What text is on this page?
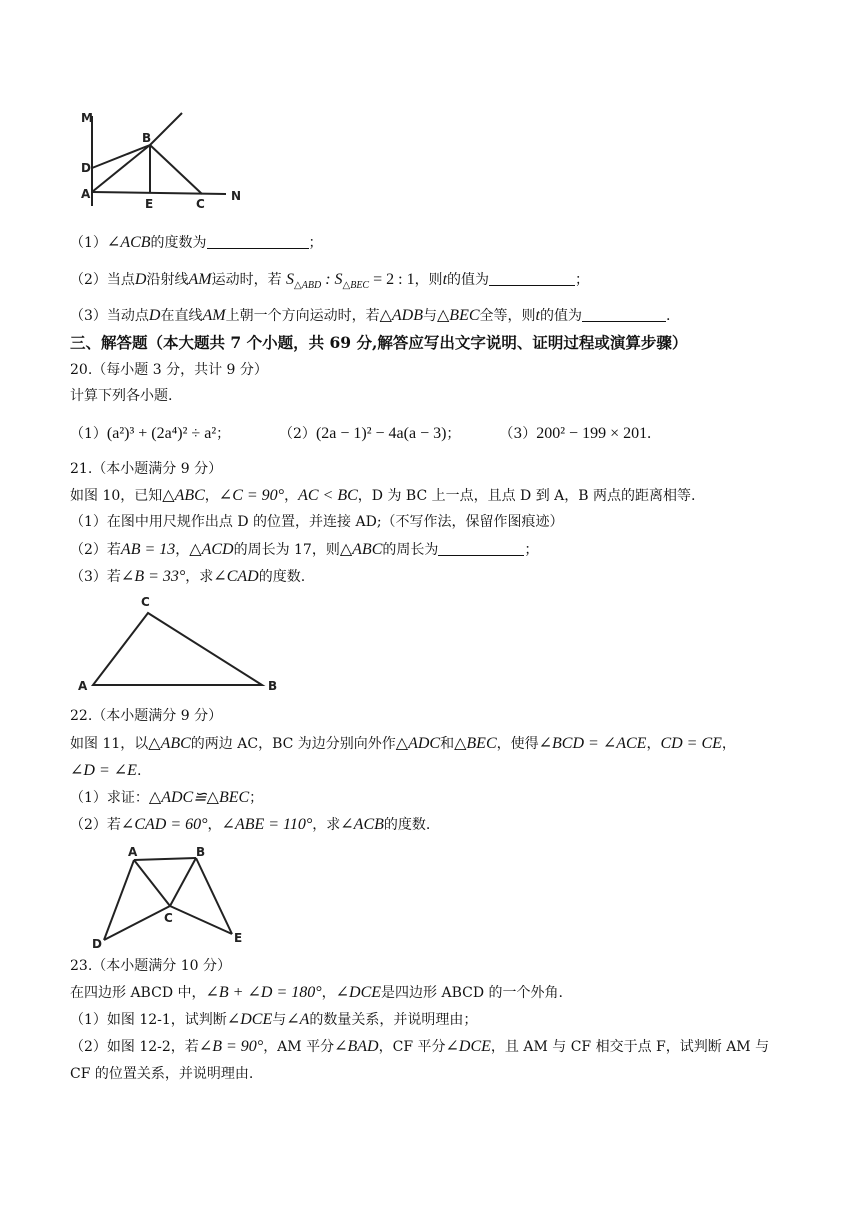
M
B
D
A
E	C
N
（1）∠ACB的度数为	；
（2）当点D沿射线AM运动时，若 $S_{\triangle ABD}$ : $S_{\triangle BEC} = 2$ : 1，则t的值为	；
（3）当动点D在直线AM上朝一个方向运动时，若△ADB与△BEC全等，则t的值为	.
三、解答题（本大题共 7 个小题，共 69 分,解答应写出文字说明、证明过程或演算步骤）
20.（每小题 3 分，共计 9 分）
计算下列各小题.
（1）(a²)³ + (2a⁴)² ÷ a²；	（2）(2a − 1)² − 4a(a − 3)；	（3）200² − 199 × 201.
21.（本小题满分 9 分）
如图 10，已知△ABC，∠C = 90°，AC < BC，D 为 BC 上一点，且点 D 到 A，B 两点的距离相等.
（1）在图中用尺规作出点 D 的位置，并连接 AD;（不写作法，保留作图痕迹）
（2）若AB = 13，△ACD的周长为 17，则△ABC的周长为	；
（3）若∠B = 33°，求∠CAD的度数.
C
A	B
22.（本小题满分 9 分）
如图 11，以△ABC的两边 AC，BC 为边分别向外作△ADC和△BEC，使得∠BCD = ∠ACE，CD = CE，
∠D = ∠E.
（1）求证：△ADC≌△BEC；
（2）若∠CAD = 60°，∠ABE = 110°，求∠ACB的度数.
A	B
C
D	E
23.（本小题满分 10 分）
在四边形 ABCD 中，∠B + ∠D = 180°，∠DCE是四边形 ABCD 的一个外角.
（1）如图 12-1，试判断∠DCE与∠A的数量关系，并说明理由；
（2）如图 12-2，若∠B = 90°，AM 平分∠BAD，CF 平分∠DCE，且 AM 与 CF 相交于点 F，试判断 AM 与
CF 的位置关系，并说明理由.
